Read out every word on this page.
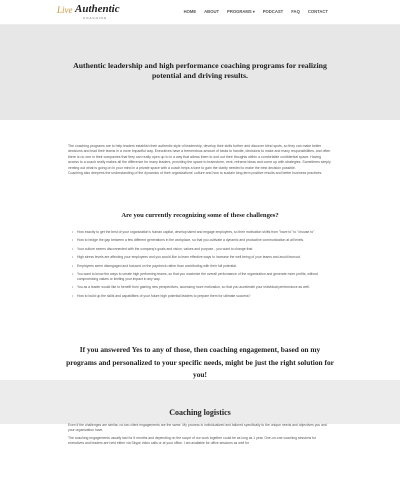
Live Authentic
COACHING
HOME ABOUT PROGRAMS▾ PODCAST FAQ CONTACT
Authentic leadership and high performance coaching programs for realizing potential and driving results.

The coaching programs are to help leaders establish their authentic style of leadership, develop their skills further and discover blind spots, so they can make better decisions and lead their teams in a more impactful way. Executives have a tremendous amount of tasks to handle, decisions to make and many responsibilities, and often there is no one in their companies that they can really open up to in a way that allows them to sort out their thoughts within a comfortable confidential space. Having access to a coach really makes all the difference for many leaders, providing the space to brainstorm, vent, reframe ideas and come up with strategies. Sometimes simply venting out what is going on in your mind in a private space with a coach helps a tone to gain the clarity needed to make the best decision possible.

Coaching also deepens the understanding of the dynamics of their organizations' culture and how to sustain long-term positive results and better business practices.

Are you currently recognizing some of these challenges?
• How exactly to get the best of your organization's human capital, develop talent and engage employees, so their motivation shifts from "have to" to "choose to"
• How to bridge the gap between a few different generations in the workplace, so that you cultivate a dynamic and productive communication at all levels.
• Your culture seems disconnected with the company's goals and vision, values and purpose - you want to change that.
• High stress levels are affecting your employees and you would like to learn effective ways to increase the well being of your teams and avoid burnout.
• Employees seem disengaged and focused on the paycheck rather than contributing with their full potential.
• You want to know the ways to create high performing teams, so that you maximize the overall performance of the organization and generate more profits, without compromising values or limiting your impact in any way.
• You as a leader would like to benefit from gaining new perspectives, accessing more motivation, so that you accelerate your individual performance as well.
• How to build up the skills and capabilities of your future high potential leaders to prepare them for ultimate success?
If you answered Yes to any of those, then coaching engagement, based on my programs and personalized to your specific needs, might be just the right solution for you!
Coaching logistics

Even if the challenges are similar, no two client engagements are the same. My process is individualized and tailored specifically to the unique needs and objectives you and your organization have.

The coaching engagements usually last for 6 months and depending on the scope of our work together could be as long as 1 year. One-on-one coaching sessions for executives and leaders are held either via Skype video calls or at your office. I am available for office sessions as well for
